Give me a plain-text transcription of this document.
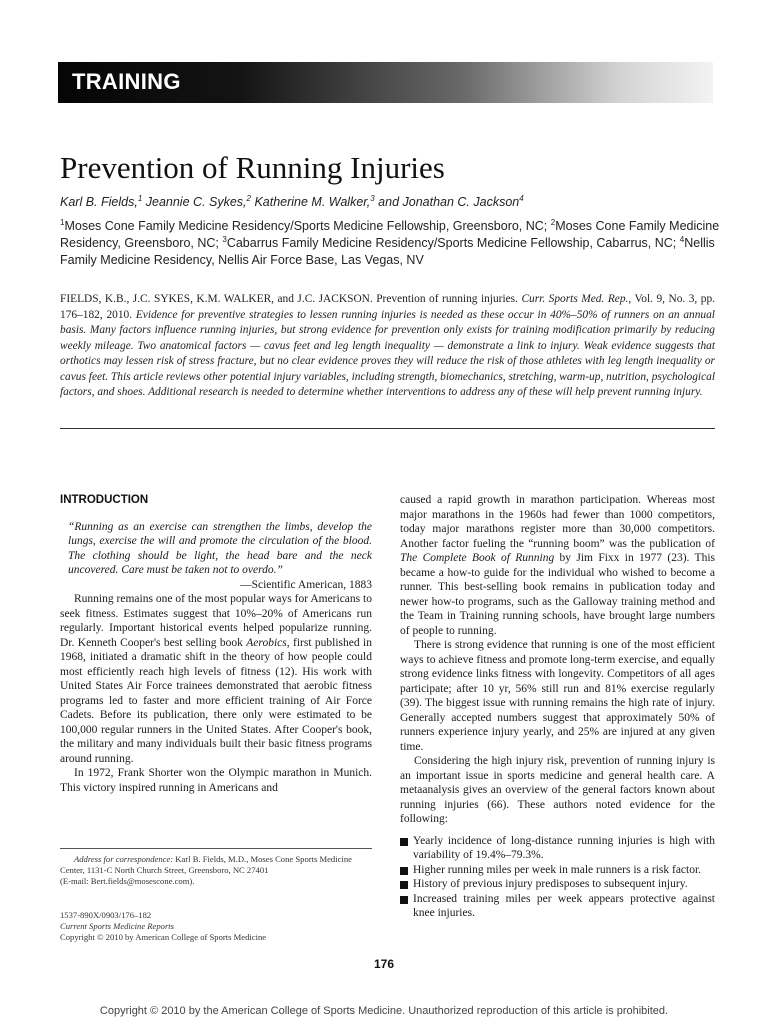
TRAINING
Prevention of Running Injuries
Karl B. Fields,$^1$ Jeannie C. Sykes,$^2$ Katherine M. Walker,$^3$ and Jonathan C. Jackson$^4$
$^1$Moses Cone Family Medicine Residency/Sports Medicine Fellowship, Greensboro, NC; $^2$Moses Cone Family Medicine Residency, Greensboro, NC; $^3$Cabarrus Family Medicine Residency/Sports Medicine Fellowship, Cabarrus, NC; $^4$Nellis Family Medicine Residency, Nellis Air Force Base, Las Vegas, NV
FIELDS, K.B., J.C. SYKES, K.M. WALKER, and J.C. JACKSON. Prevention of running injuries. Curr. Sports Med. Rep., Vol. 9, No. 3, pp. 176–182, 2010. Evidence for preventive strategies to lessen running injuries is needed as these occur in 40%–50% of runners on an annual basis. Many factors influence running injuries, but strong evidence for prevention only exists for training modification primarily by reducing weekly mileage. Two anatomical factors — cavus feet and leg length inequality — demonstrate a link to injury. Weak evidence suggests that orthotics may lessen risk of stress fracture, but no clear evidence proves they will reduce the risk of those athletes with leg length inequality or cavus feet. This article reviews other potential injury variables, including strength, biomechanics, stretching, warm-up, nutrition, psychological factors, and shoes. Additional research is needed to determine whether interventions to address any of these will help prevent running injury.
INTRODUCTION

“Running as an exercise can strengthen the limbs, develop the lungs, exercise the will and promote the circulation of the blood. The clothing should be light, the head bare and the neck uncovered. Care must be taken not to overdo.”

—Scientific American, 1883

Running remains one of the most popular ways for Americans to seek fitness. Estimates suggest that 10%–20% of Americans run regularly. Important historical events helped popularize running. Dr. Kenneth Cooper's best selling book Aerobics, first published in 1968, initiated a dramatic shift in the theory of how people could most efficiently reach high levels of fitness (12). His work with United States Air Force trainees demonstrated that aerobic fitness programs led to faster and more efficient training of Air Force Cadets. Before its publication, there only were estimated to be 100,000 regular runners in the United States. After Cooper's book, the military and many individuals built their basic fitness programs around running.

In 1972, Frank Shorter won the Olympic marathon in Munich. This victory inspired running in Americans and

caused a rapid growth in marathon participation. Whereas most major marathons in the 1960s had fewer than 1000 competitors, today major marathons register more than 30,000 competitors. Another factor fueling the “running boom” was the publication of The Complete Book of Running by Jim Fixx in 1977 (23). This became a how-to guide for the individual who wished to become a runner. This best-selling book remains in publication today and newer how-to programs, such as the Galloway training method and the Team in Training running schools, have brought large numbers of people to running.

There is strong evidence that running is one of the most efficient ways to achieve fitness and promote long-term exercise, and equally strong evidence links fitness with longevity. Competitors of all ages participate; after 10 yr, 56% still run and 81% exercise regularly (39). The biggest issue with running remains the high rate of injury. Generally accepted numbers suggest that approximately 50% of runners experience injury yearly, and 25% are injured at any given time.

Considering the high injury risk, prevention of running injury is an important issue in sports medicine and general health care. A metaanalysis gives an overview of the general factors known about running injuries (66). These authors noted evidence for the following:

Yearly incidence of long-distance running injuries is high with variability of 19.4%–79.3%.
Higher running miles per week in male runners is a risk factor.
History of previous injury predisposes to subsequent injury.
Increased training miles per week appears protective against knee injuries.

Address for correspondence: Karl B. Fields, M.D., Moses Cone Sports Medicine Center, 1131-C North Church Street, Greensboro, NC 27401

(E-mail: Bert.fields@mosescone.com).

1537-890X/0903/176–182

Current Sports Medicine Reports

Copyright © 2010 by American College of Sports Medicine

176
Copyright © 2010 by the American College of Sports Medicine. Unauthorized reproduction of this article is prohibited.
